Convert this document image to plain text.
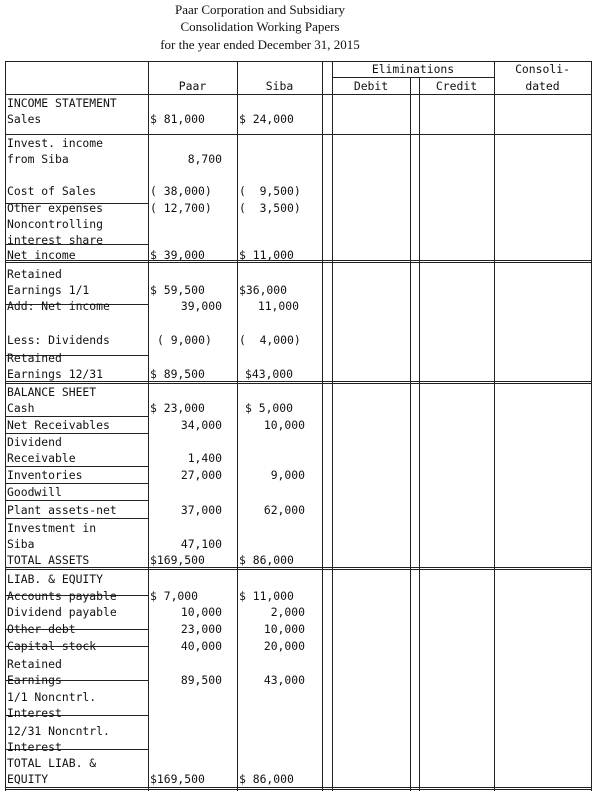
Paar Corporation and Subsidiary
Consolidation Working Papers
for the year ended December 31, 2015
Paar	Siba
Eliminations
Debit	Credit
Consoli-
dated
INCOME STATEMENT
Sales	$ 81,000	$ 24,000
Invest. income
from Siba	8,700
Cost of Sales	( 38,000) (  9,500)
Other expenses	( 12,700) (  3,500)
Noncontrolling
interest share
Net income	$ 39,000	$ 11,000
Retained
Earnings 1/1	$ 59,500	$36,000
Add: Net income	39,000	11,000
Less: Dividends	( 9,000) (  4,000)
Retained
Earnings 12/31	$ 89,500	$43,000
BALANCE SHEET
Cash	$ 23,000	$ 5,000
Net Receivables	34,000	10,000
Dividend
Receivable	1,400
Inventories	27,000	9,000
Goodwill
Plant assets-net	37,000	62,000
Investment in
Siba	47,100
TOTAL ASSETS	$169,500	$ 86,000
LIAB. & EQUITY
Accounts payable	$ 7,000	$ 11,000
Dividend payable	10,000	2,000
Other debt	23,000	10,000
Capital stock	40,000	20,000
Retained
Earnings	89,500	43,000
1/1 Noncntrl.
Interest
12/31 Noncntrl.
Interest
TOTAL LIAB. &
EQUITY	$169,500	$ 86,000
